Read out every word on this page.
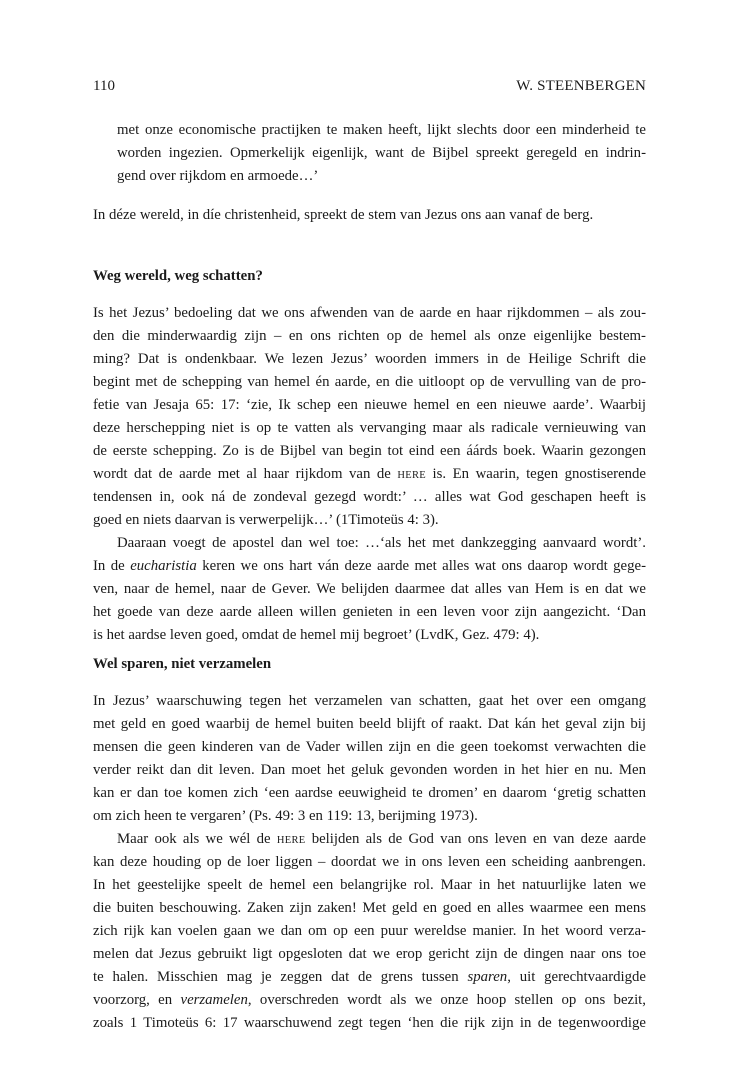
110	W. STEENBERGEN
met onze economische practijken te maken heeft, lijkt slechts door een minderheid te
worden ingezien. Opmerkelijk eigenlijk, want de Bijbel spreekt geregeld en indrin-
gend over rijkdom en armoede…’
In déze wereld, in díe christenheid, spreekt de stem van Jezus ons aan vanaf de berg.
Weg wereld, weg schatten?
Is het Jezus’ bedoeling dat we ons afwenden van de aarde en haar rijkdommen – als zou-
den die minderwaardig zijn – en ons richten op de hemel als onze eigenlijke bestem-
ming? Dat is ondenkbaar. We lezen Jezus’ woorden immers in de Heilige Schrift die
begint met de schepping van hemel én aarde, en die uitloopt op de vervulling van de pro-
fetie van Jesaja 65: 17: ‘zie, Ik schep een nieuwe hemel en een nieuwe aarde’. Waarbij
deze herschepping niet is op te vatten als vervanging maar als radicale vernieuwing van
de eerste schepping. Zo is de Bijbel van begin tot eind een áárds boek. Waarin gezongen
wordt dat de aarde met al haar rijkdom van de HERE is. En waarin, tegen gnostiserende
tendensen in, ook ná de zondeval gezegd wordt:’ … alles wat God geschapen heeft is
goed en niets daarvan is verwerpelijk…’ (1Timoteüs 4: 3).
Daaraan voegt de apostel dan wel toe: …‘als het met dankzegging aanvaard wordt’.
In de eucharistia keren we ons hart ván deze aarde met alles wat ons daarop wordt gege-
ven, naar de hemel, naar de Gever. We belijden daarmee dat alles van Hem is en dat we
het goede van deze aarde alleen willen genieten in een leven voor zijn aangezicht. ‘Dan
is het aardse leven goed, omdat de hemel mij begroet’ (LvdK, Gez. 479: 4).
Wel sparen, niet verzamelen
In Jezus’ waarschuwing tegen het verzamelen van schatten, gaat het over een omgang
met geld en goed waarbij de hemel buiten beeld blijft of raakt. Dat kán het geval zijn bij
mensen die geen kinderen van de Vader willen zijn en die geen toekomst verwachten die
verder reikt dan dit leven. Dan moet het geluk gevonden worden in het hier en nu. Men
kan er dan toe komen zich ‘een aardse eeuwigheid te dromen’ en daarom ‘gretig schatten
om zich heen te vergaren’ (Ps. 49: 3 en 119: 13, berijming 1973).
Maar ook als we wél de HERE belijden als de God van ons leven en van deze aarde
kan deze houding op de loer liggen – doordat we in ons leven een scheiding aanbrengen.
In het geestelijke speelt de hemel een belangrijke rol. Maar in het natuurlijke laten we
die buiten beschouwing. Zaken zijn zaken! Met geld en goed en alles waarmee een mens
zich rijk kan voelen gaan we dan om op een puur wereldse manier. In het woord verza-
melen dat Jezus gebruikt ligt opgesloten dat we erop gericht zijn de dingen naar ons toe
te halen. Misschien mag je zeggen dat de grens tussen sparen, uit gerechtvaardigde
voorzorg, en verzamelen, overschreden wordt als we onze hoop stellen op ons bezit,
zoals 1 Timoteüs 6: 17 waarschuwend zegt tegen ‘hen die rijk zijn in de tegenwoordige
